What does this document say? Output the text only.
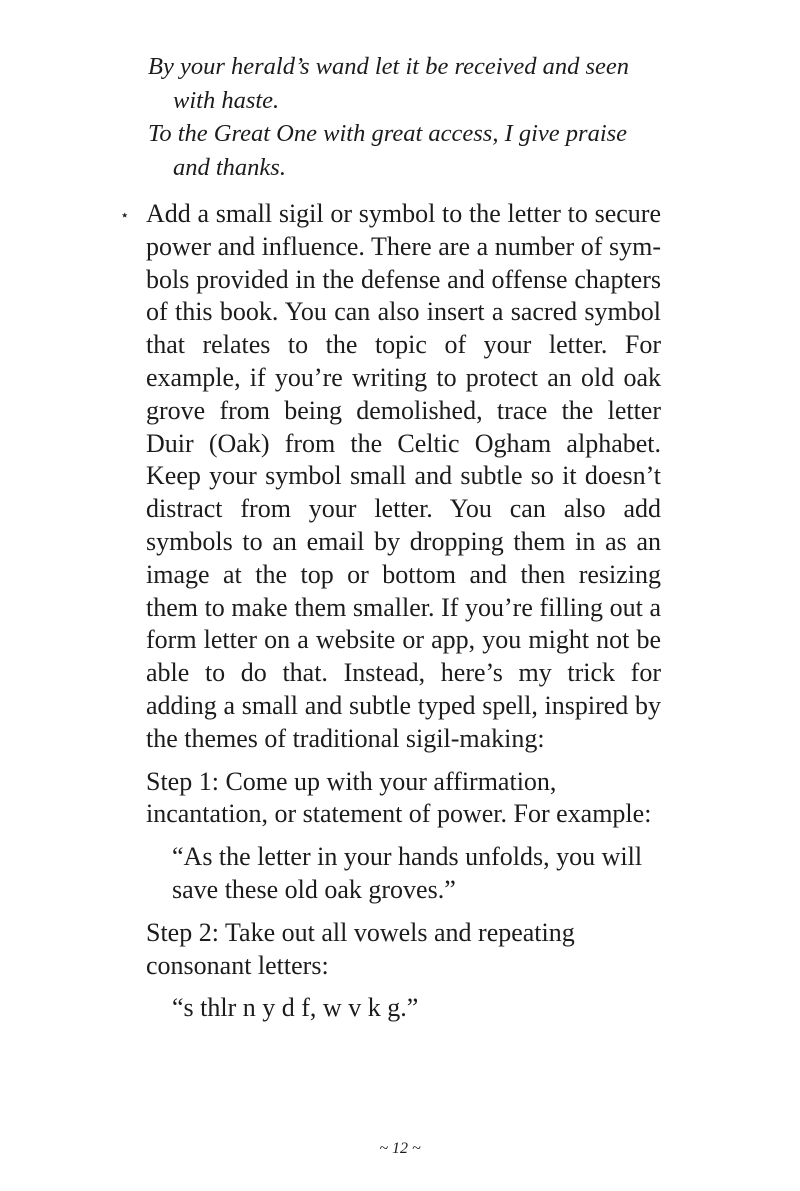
By your herald’s wand let it be received and seen with haste.

To the Great One with great access, I give praise and thanks.

⋆ Add a small sigil or symbol to the letter to secure power and influence. There are a number of symbols provided in the defense and offense chapters of this book. You can also insert a sacred symbol that relates to the topic of your letter. For example, if you’re writing to protect an old oak grove from being demolished, trace the letter Duir (Oak) from the Celtic Ogham alphabet. Keep your symbol small and subtle so it doesn’t distract from your letter. You can also add symbols to an email by dropping them in as an image at the top or bottom and then resizing them to make them smaller. If you’re filling out a form letter on a website or app, you might not be able to do that. Instead, here’s my trick for adding a small and subtle typed spell, inspired by the themes of traditional sigil-making:

Step 1: Come up with your affirmation, incantation, or statement of power. For example:

“As the letter in your hands unfolds, you will save these old oak groves.”

Step 2: Take out all vowels and repeating consonant letters:

“s thlr n y d f, w v k g.”

~ 12 ~
